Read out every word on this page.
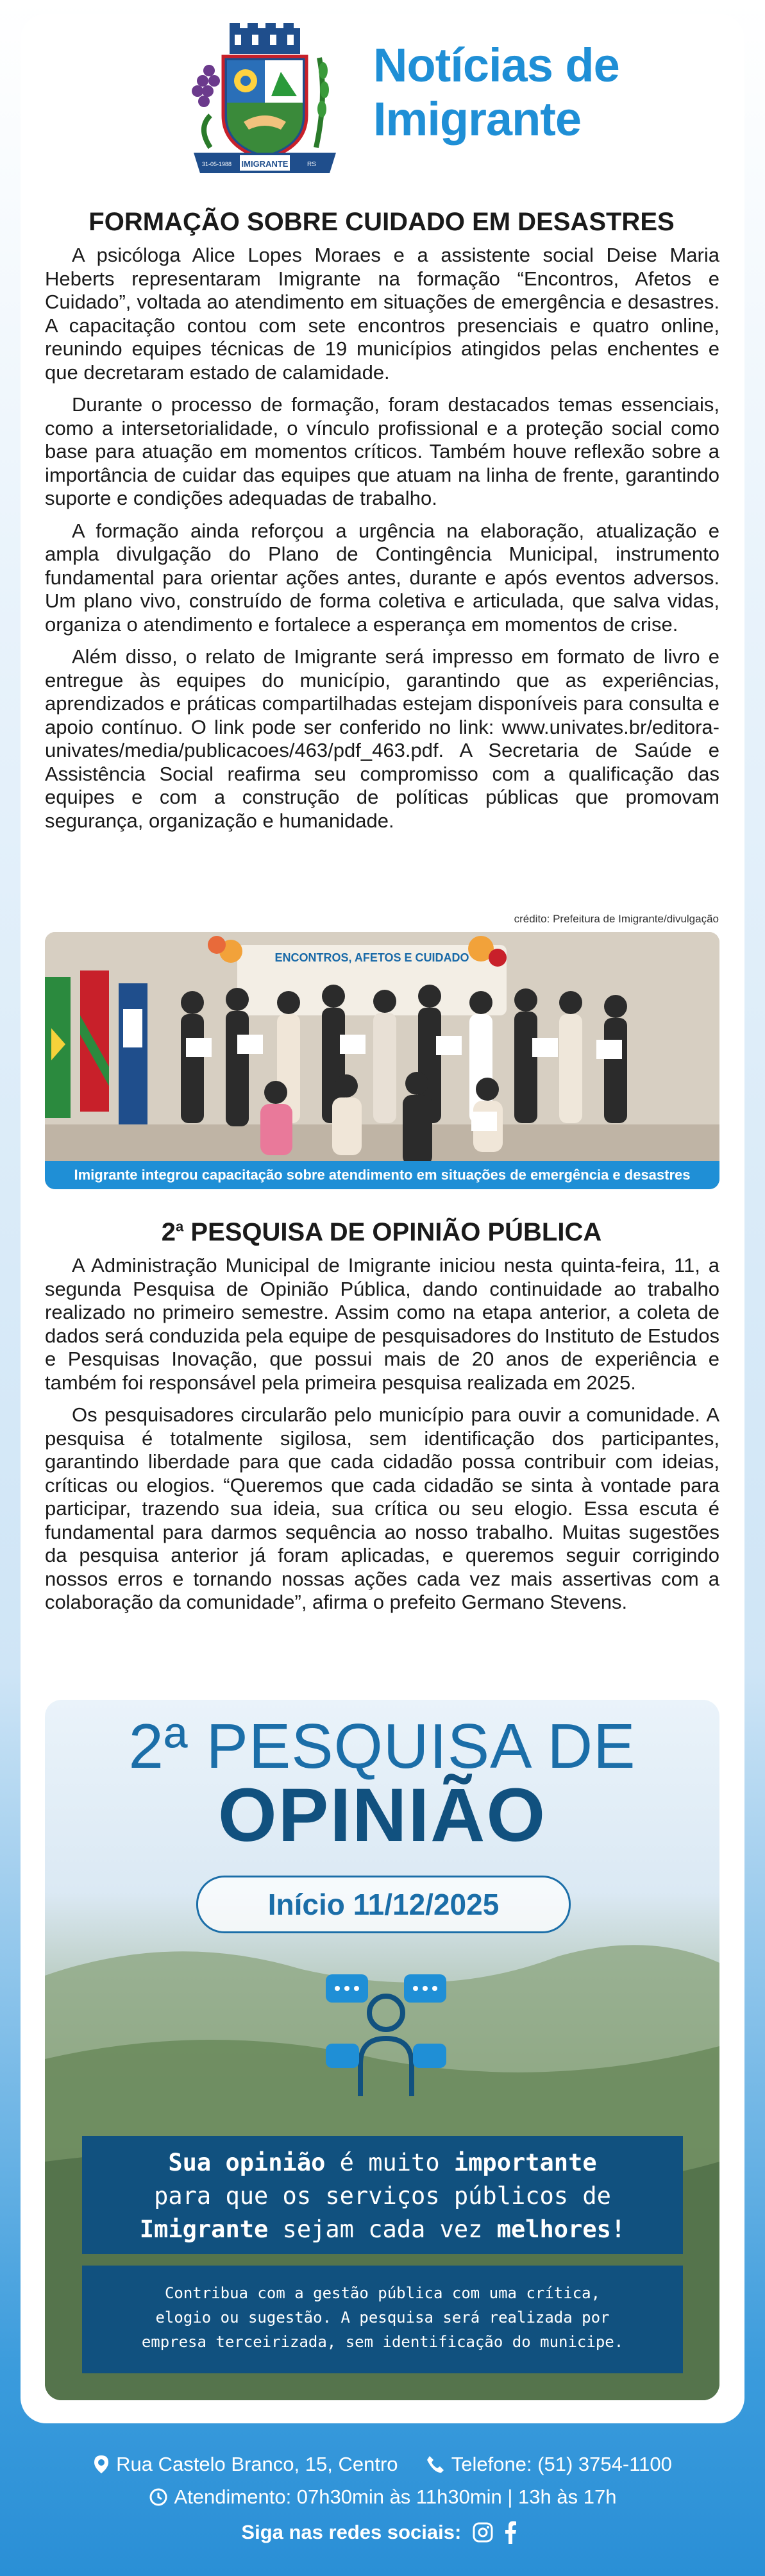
IMIGRANTE
31-05-1988	RS
Notícias de
Imigrante
FORMAÇÃO SOBRE CUIDADO EM DESASTRES

A psicóloga Alice Lopes Moraes e a assistente social Deise Maria Heberts representaram Imigrante na formação “Encontros, Afetos e Cuidado”, voltada ao atendimento em situações de emergência e desastres. A capacitação contou com sete encontros presenciais e quatro online, reunindo equipes técnicas de 19 municípios atingidos pelas enchentes e que decretaram estado de calamidade.

Durante o processo de formação, foram destacados temas essenciais, como a intersetorialidade, o vínculo profissional e a proteção social como base para atuação em momentos críticos. Também houve reflexão sobre a importância de cuidar das equipes que atuam na linha de frente, garantindo suporte e condições adequadas de trabalho.

A formação ainda reforçou a urgência na elaboração, atualização e ampla divulgação do Plano de Contingência Municipal, instrumento fundamental para orientar ações antes, durante e após eventos adversos. Um plano vivo, construído de forma coletiva e articulada, que salva vidas, organiza o atendimento e fortalece a esperança em momentos de crise.

Além disso, o relato de Imigrante será impresso em formato de livro e entregue às equipes do município, garantindo que as experiências, aprendizados e práticas compartilhadas estejam disponíveis para consulta e apoio contínuo. O link pode ser conferido no link: www.univates.br/editora-univates/media/publicacoes/463/pdf_463.pdf. A Secretaria de Saúde e Assistência Social reafirma seu compromisso com a qualificação das equipes e com a construção de políticas públicas que promovam segurança, organização e humanidade.

crédito: Prefeitura de Imigrante/divulgação
ENCONTROS, AFETOS E CUIDADO
Imigrante integrou capacitação sobre atendimento em situações de emergência e desastres
2$^a$ PESQUISA DE OPINIÃO PÚBLICA

A Administração Municipal de Imigrante iniciou nesta quinta-feira, 11, a segunda Pesquisa de Opinião Pública, dando continuidade ao trabalho realizado no primeiro semestre. Assim como na etapa anterior, a coleta de dados será conduzida pela equipe de pesquisadores do Instituto de Estudos e Pesquisas Inovação, que possui mais de 20 anos de experiência e também foi responsável pela primeira pesquisa realizada em 2025.

Os pesquisadores circularão pelo município para ouvir a comunidade. A pesquisa é totalmente sigilosa, sem identificação dos participantes, garantindo liberdade para que cada cidadão possa contribuir com ideias, críticas ou elogios. “Queremos que cada cidadão se sinta à vontade para participar, trazendo sua ideia, sua crítica ou seu elogio. Essa escuta é fundamental para darmos sequência ao nosso trabalho. Muitas sugestões da pesquisa anterior já foram aplicadas, e queremos seguir corrigindo nossos erros e tornando nossas ações cada vez mais assertivas com a colaboração da comunidade”, afirma o prefeito Germano Stevens.

2ª PESQUISA DE
OPINIÃO
Início 11/12/2025
Sua opinião é muito importante
para que os serviços públicos de
Imigrante sejam cada vez melhores!
Contribua com a gestão pública com uma crítica,
elogio ou sugestão. A pesquisa será realizada por
empresa terceirizada, sem identificação do municipe.
Rua Castelo Branco, 15, Centro	Telefone: (51) 3754-1100
Atendimento: 07h30min às 11h30min | 13h às 17h
Siga nas redes sociais:
